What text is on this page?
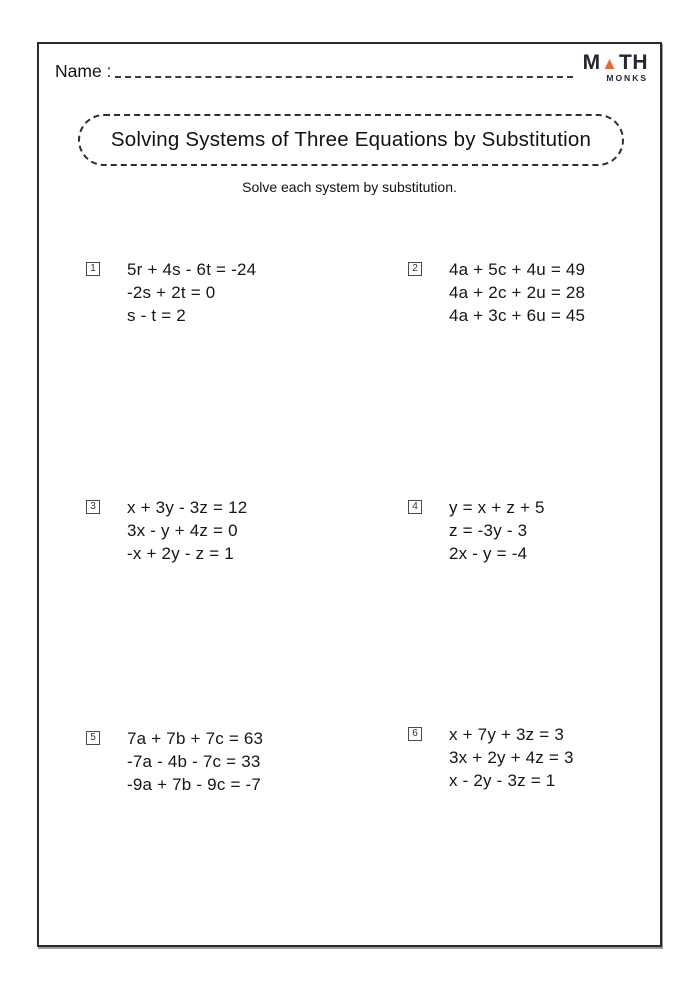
Name :	M ▲ TH
MONKS
Solving Systems of Three Equations by Substitution
Solve each system by substitution.
1 5r + 4s - 6t = -24
-2s + 2t = 0
s - t = 2
2 4a + 5c + 4u = 49
4a + 2c + 2u = 28
4a + 3c + 6u = 45
3 x + 3y - 3z = 12
3x - y + 4z = 0
-x + 2y - z = 1
4 y = x + z + 5
z = -3y - 3
2x - y = -4
5 7a + 7b + 7c = 63
-7a - 4b - 7c = 33
-9a + 7b - 9c = -7
6 x + 7y + 3z = 3
3x + 2y + 4z = 3
x - 2y - 3z = 1
